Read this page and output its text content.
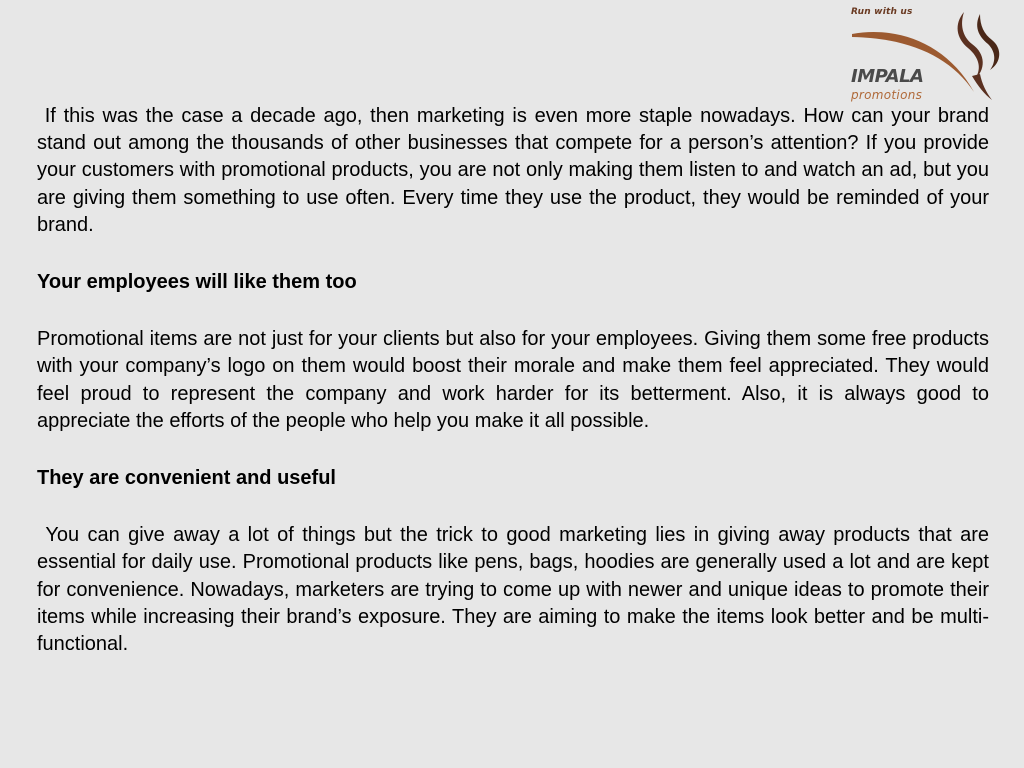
Run with us
IMPALA
promotions

If this was the case a decade ago, then marketing is even more staple nowadays. How can your brand stand out among the thousands of other businesses that compete for a person’s attention? If you provide your customers with promotional products, you are not only making them listen to and watch an ad, but you are giving them something to use often. Every time they use the product, they would be reminded of your brand.

Your employees will like them too

Promotional items are not just for your clients but also for your employees. Giving them some free products with your company’s logo on them would boost their morale and make them feel appreciated. They would feel proud to represent the company and work harder for its betterment. Also, it is always good to appreciate the efforts of the people who help you make it all possible.

They are convenient and useful

You can give away a lot of things but the trick to good marketing lies in giving away products that are essential for daily use. Promotional products like pens, bags, hoodies are generally used a lot and are kept for convenience. Nowadays, marketers are trying to come up with newer and unique ideas to promote their items while increasing their brand’s exposure. They are aiming to make the items look better and be multi-functional.
